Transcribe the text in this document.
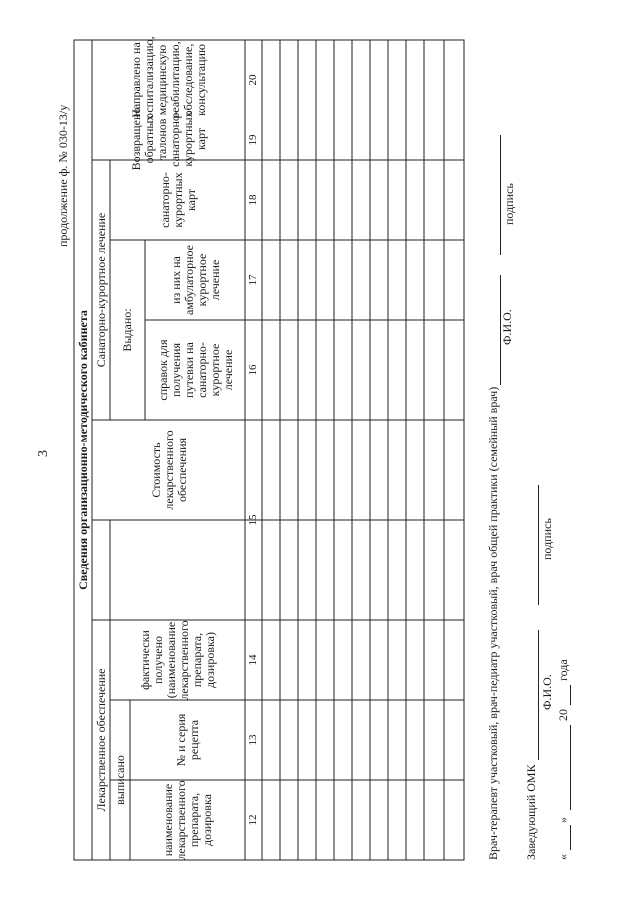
3
продолжение ф. № 030-13/у
Сведения организационно-методического кабинета
Лекарственное обеспечение выписано
наименование лекарственного препарата, дозировка
№ и серия рецепта
фактически получено (наименование лекарственного препарата, дозировка)
Стоимость лекарственного обеспечения
Санаторно-курортное лечение	Выдано:
справок для получения путевки на санаторно-курортное лечение
из них на амбулаторное курортное лечение
санаторно-курортных карт
Возвращено обратных талонов санаторно-курортных карт
Направлено на госпитализацию, медицинскую реабилитацию, обследование, консультацию
12
13
14
15
16
17
18
19
20
Врач-терапевт участковый, врач-педиатр участковый, врач общей практики (семейный врач)
Ф.И.О.
подпись
Заведующий ОМК
Ф.И.О.
подпись
«
»
20
года
